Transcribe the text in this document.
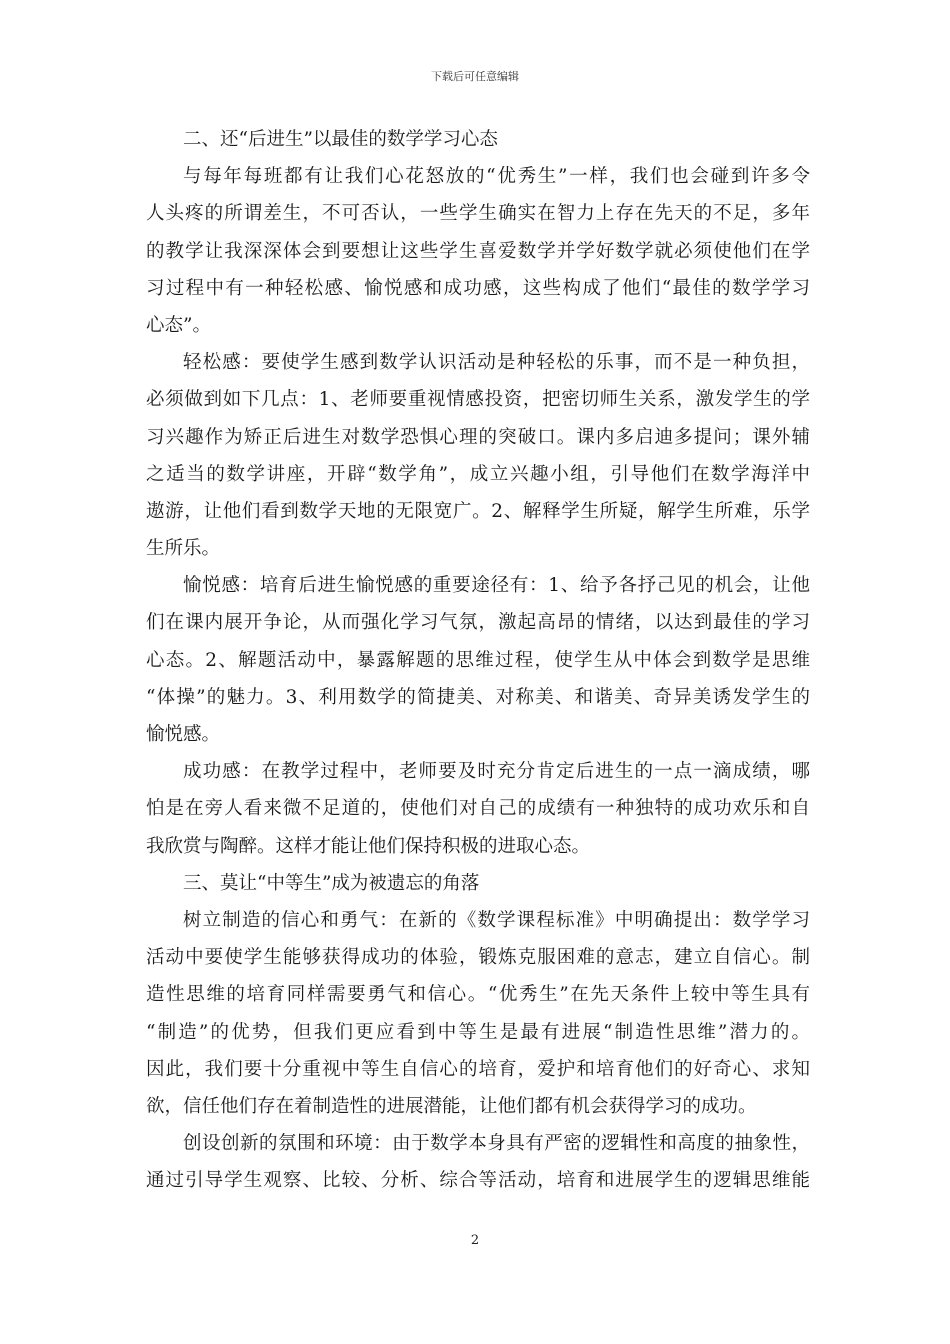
下载后可任意编辑
二、还“后进生”以最佳的数学学习心态
与每年每班都有让我们心花怒放的“优秀生”一样，我们也会碰到许多令
人头疼的所谓差生，不可否认，一些学生确实在智力上存在先天的不足，多年
的教学让我深深体会到要想让这些学生喜爱数学并学好数学就必须使他们在学
习过程中有一种轻松感、愉悦感和成功感，这些构成了他们“最佳的数学学习
心态”。
轻松感：要使学生感到数学认识活动是种轻松的乐事，而不是一种负担，
必须做到如下几点：1、老师要重视情感投资，把密切师生关系，激发学生的学
习兴趣作为矫正后进生对数学恐惧心理的突破口。课内多启迪多提问；课外辅
之适当的数学讲座，开辟“数学角”，成立兴趣小组，引导他们在数学海洋中
遨游，让他们看到数学天地的无限宽广。2、解释学生所疑，解学生所难，乐学
生所乐。
愉悦感：培育后进生愉悦感的重要途径有：1、给予各抒己见的机会，让他
们在课内展开争论，从而强化学习气氛，激起高昂的情绪，以达到最佳的学习
心态。2、解题活动中，暴露解题的思维过程，使学生从中体会到数学是思维
“体操”的魅力。3、利用数学的简捷美、对称美、和谐美、奇异美诱发学生的
愉悦感。
成功感：在教学过程中，老师要及时充分肯定后进生的一点一滴成绩，哪
怕是在旁人看来微不足道的，使他们对自己的成绩有一种独特的成功欢乐和自
我欣赏与陶醉。这样才能让他们保持积极的进取心态。
三、莫让“中等生”成为被遗忘的角落
树立制造的信心和勇气：在新的《数学课程标准》中明确提出：数学学习
活动中要使学生能够获得成功的体验，锻炼克服困难的意志，建立自信心。制
造性思维的培育同样需要勇气和信心。“优秀生”在先天条件上较中等生具有
“制造”的优势，但我们更应看到中等生是最有进展“制造性思维”潜力的。
因此，我们要十分重视中等生自信心的培育，爱护和培育他们的好奇心、求知
欲，信任他们存在着制造性的进展潜能，让他们都有机会获得学习的成功。
创设创新的氛围和环境：由于数学本身具有严密的逻辑性和高度的抽象性，
通过引导学生观察、比较、分析、综合等活动，培育和进展学生的逻辑思维能
2
